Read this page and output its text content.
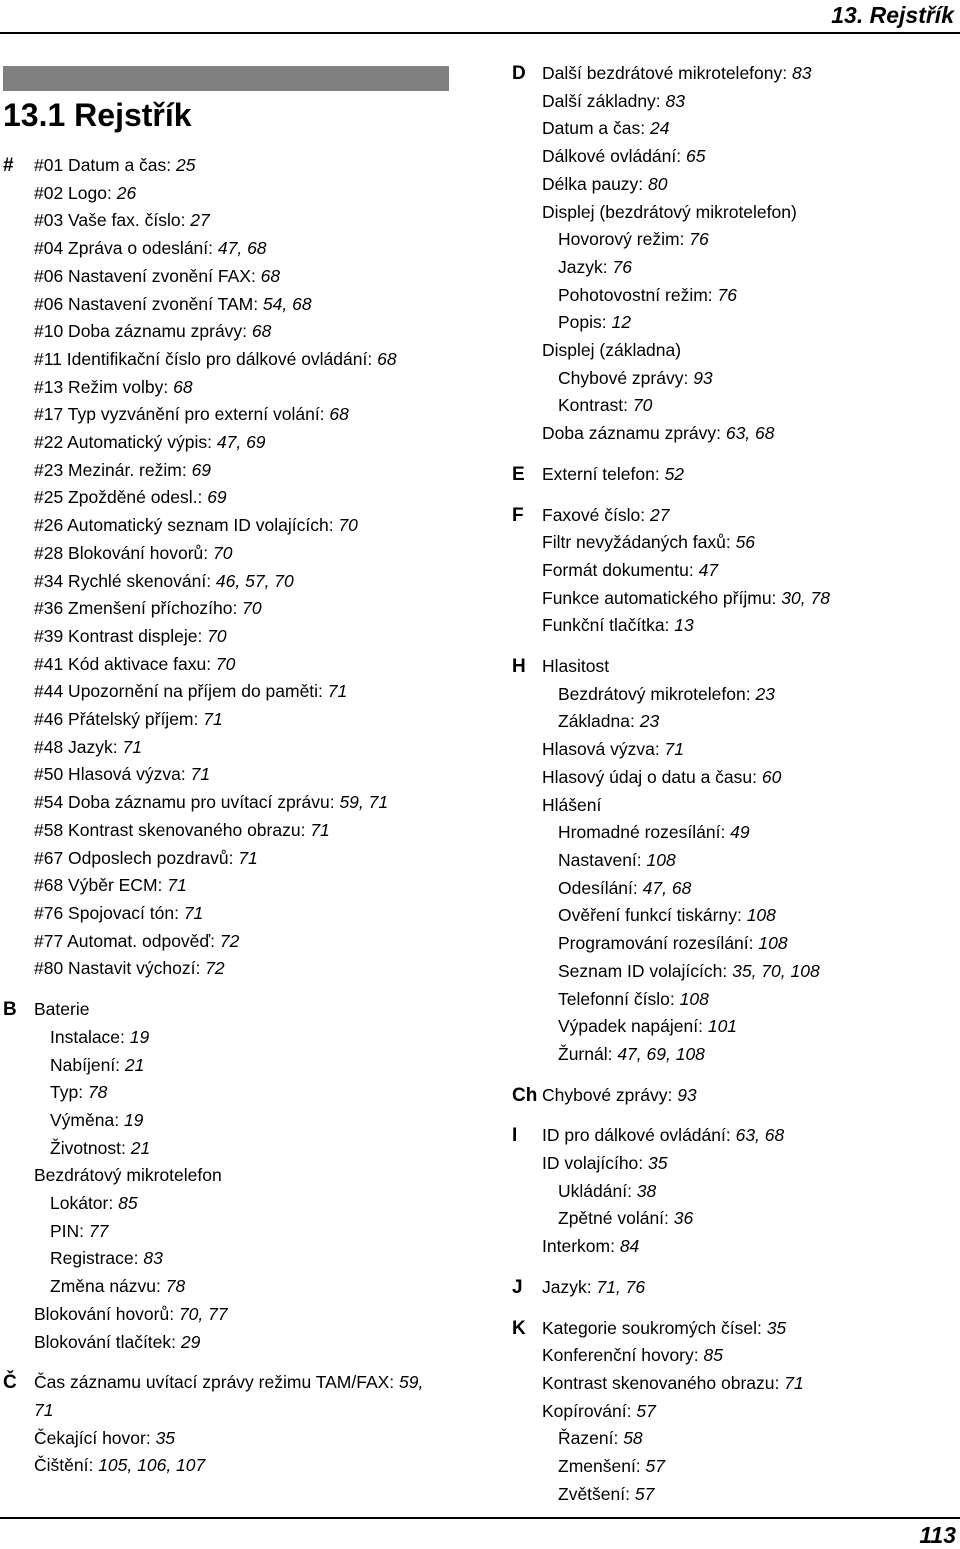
13. Rejstřík
13.1 Rejstřík
# #01 Datum a čas: 25
#02 Logo: 26
#03 Vaše fax. číslo: 27
#04 Zpráva o odeslání: 47, 68
#06 Nastavení zvonění FAX: 68
#06 Nastavení zvonění TAM: 54, 68
#10 Doba záznamu zprávy: 68
#11 Identifikační číslo pro dálkové ovládání: 68
#13 Režim volby: 68
#17 Typ vyzvánění pro externí volání: 68
#22 Automatický výpis: 47, 69
#23 Mezinár. režim: 69
#25 Zpožděné odesl.: 69
#26 Automatický seznam ID volajících: 70
#28 Blokování hovorů: 70
#34 Rychlé skenování: 46, 57, 70
#36 Zmenšení příchozího: 70
#39 Kontrast displeje: 70
#41 Kód aktivace faxu: 70
#44 Upozornění na příjem do paměti: 71
#46 Přátelský příjem: 71
#48 Jazyk: 71
#50 Hlasová výzva: 71
#54 Doba záznamu pro uvítací zprávu: 59, 71
#58 Kontrast skenovaného obrazu: 71
#67 Odposlech pozdravů: 71
#68 Výběr ECM: 71
#76 Spojovací tón: 71
#77 Automat. odpověď: 72
#80 Nastavit výchozí: 72
B Baterie
Instalace: 19
Nabíjení: 21
Typ: 78
Výměna: 19
Životnost: 21
Bezdrátový mikrotelefon
Lokátor: 85
PIN: 77
Registrace: 83
Změna názvu: 78
Blokování hovorů: 70, 77
Blokování tlačítek: 29
Č Čas záznamu uvítací zprávy režimu TAM/FAX: 59,
71
Čekající hovor: 35
Čištění: 105, 106, 107
D Další bezdrátové mikrotelefony: 83
Další základny: 83
Datum a čas: 24
Dálkové ovládání: 65
Délka pauzy: 80
Displej (bezdrátový mikrotelefon)
Hovorový režim: 76
Jazyk: 76
Pohotovostní režim: 76
Popis: 12
Displej (základna)
Chybové zprávy: 93
Kontrast: 70
Doba záznamu zprávy: 63, 68
E Externí telefon: 52
F Faxové číslo: 27
Filtr nevyžádaných faxů: 56
Formát dokumentu: 47
Funkce automatického příjmu: 30, 78
Funkční tlačítka: 13
H Hlasitost
Bezdrátový mikrotelefon: 23
Základna: 23
Hlasová výzva: 71
Hlasový údaj o datu a času: 60
Hlášení
Hromadné rozesílání: 49
Nastavení: 108
Odesílání: 47, 68
Ověření funkcí tiskárny: 108
Programování rozesílání: 108
Seznam ID volajících: 35, 70, 108
Telefonní číslo: 108
Výpadek napájení: 101
Žurnál: 47, 69, 108
Ch Chybové zprávy: 93
I ID pro dálkové ovládání: 63, 68
ID volajícího: 35
Ukládání: 38
Zpětné volání: 36
Interkom: 84
J Jazyk: 71, 76
K Kategorie soukromých čísel: 35
Konferenční hovory: 85
Kontrast skenovaného obrazu: 71
Kopírování: 57
Řazení: 58
Zmenšení: 57
Zvětšení: 57
113
